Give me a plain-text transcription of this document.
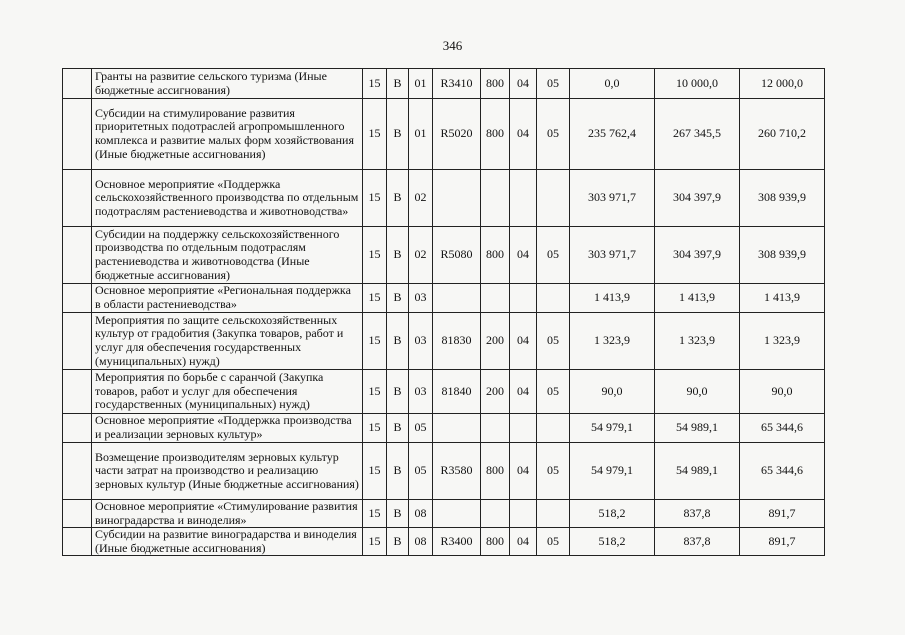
346
	Гранты на развитие сельского туризма (Иные бюджетные ассигнования)	15	В	01	R3410	800	04	05	0,0	10 000,0	12 000,0
	Субсидии на стимулирование развития приоритетных подотраслей агропромышленного комплекса и развитие малых форм хозяйствования (Иные бюджетные ассигнования)	15	В	01	R5020	800	04	05	235 762,4	267 345,5	260 710,2
	Основное мероприятие «Поддержка сельскохозяйственного производства по отдельным подотраслям растениеводства и животноводства»	15	В	02					303 971,7	304 397,9	308 939,9
	Субсидии на поддержку сельскохозяйственного производства по отдельным подотраслям растениеводства и животноводства (Иные бюджетные ассигнования)	15	В	02	R5080	800	04	05	303 971,7	304 397,9	308 939,9
	Основное мероприятие «Региональная поддержка в области растениеводства»	15	В	03					1 413,9	1 413,9	1 413,9
	Мероприятия по защите сельскохозяйственных культур от градобития (Закупка товаров, работ и услуг для обеспечения государственных (муниципальных) нужд)	15	В	03	81830	200	04	05	1 323,9	1 323,9	1 323,9
	Мероприятия по борьбе с саранчой (Закупка товаров, работ и услуг для обеспечения государственных (муниципальных) нужд)	15	В	03	81840	200	04	05	90,0	90,0	90,0
	Основное мероприятие «Поддержка производства и реализации зерновых культур»	15	В	05					54 979,1	54 989,1	65 344,6
	Возмещение производителям зерновых культур части затрат на производство и реализацию зерновых культур (Иные бюджетные ассигнования)	15	В	05	R3580	800	04	05	54 979,1	54 989,1	65 344,6
	Основное мероприятие «Стимулирование развития виноградарства и виноделия»	15	В	08					518,2	837,8	891,7
	Субсидии на развитие виноградарства и виноделия (Иные бюджетные ассигнования)	15	В	08	R3400	800	04	05	518,2	837,8	891,7
